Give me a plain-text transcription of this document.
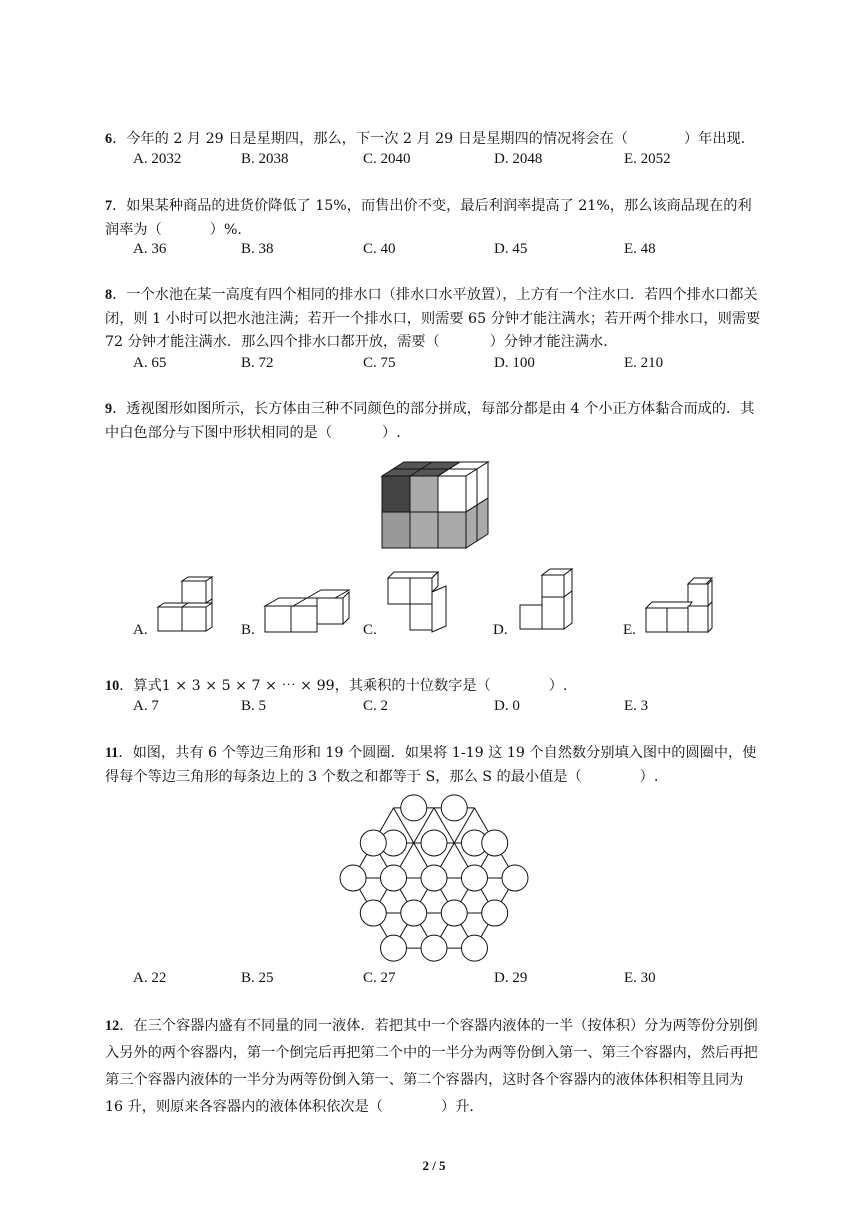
6．今年的 2 月 29 日是星期四，那么，下一次 2 月 29 日是星期四的情况将会在（	）年出现．
A. 2032	B. 2038	C. 2040	D. 2048	E. 2052
7．如果某种商品的进货价降低了 15%，而售出价不变，最后利润率提高了 21%，那么该商品现在的利润率为（	）%.
A. 36	B. 38	C. 40	D. 45	E. 48
8．一个水池在某一高度有四个相同的排水口（排水口水平放置），上方有一个注水口．若四个排水口都关闭，则 1 小时可以把水池注满；若开一个排水口，则需要 65 分钟才能注满水；若开两个排水口，则需要 72 分钟才能注满水．那么四个排水口都开放，需要（	）分钟才能注满水．
A. 65	B. 72	C. 75	D. 100	E. 210
9．透视图形如图所示，长方体由三种不同颜色的部分拼成，每部分都是由 4 个小正方体黏合而成的．其中白色部分与下图中形状相同的是（	）.
A.	B.	C.	D.	E.
10．算式1 × 3 × 5 × 7 × ⋯ × 99，其乘积的十位数字是（	）.
A. 7	B. 5	C. 2	D. 0	E. 3
11．如图，共有 6 个等边三角形和 19 个圆圈．如果将 1-19 这 19 个自然数分别填入图中的圆圈中，使得每个等边三角形的每条边上的 3 个数之和都等于 S，那么 S 的最小值是（	）.
A. 22	B. 25	C. 27	D. 29	E. 30
12．在三个容器内盛有不同量的同一液体．若把其中一个容器内液体的一半（按体积）分为两等份分别倒入另外的两个容器内，第一个倒完后再把第二个中的一半分为两等份倒入第一、第三个容器内，然后再把第三个容器内液体的一半分为两等份倒入第一、第二个容器内，这时各个容器内的液体体积相等且同为 16 升，则原来各容器内的液体体积依次是（	）升．
2 / 5
